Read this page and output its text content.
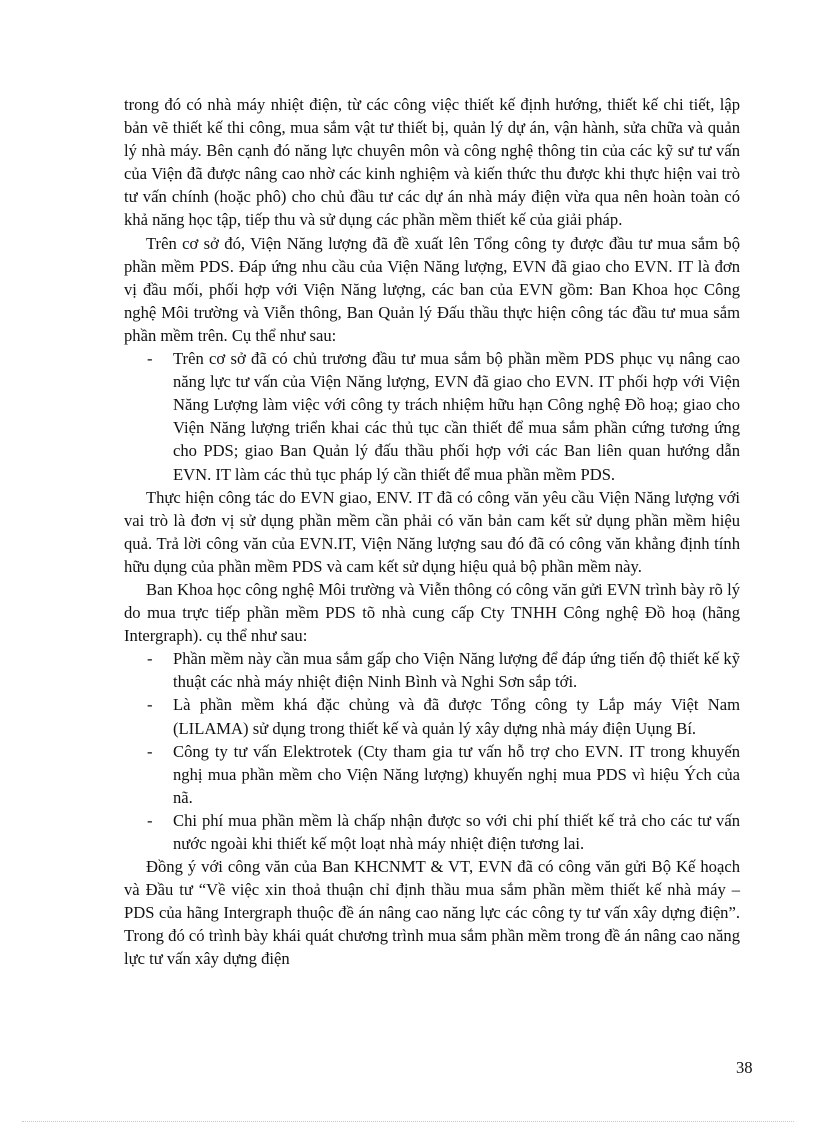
trong đó có nhà máy nhiệt điện, từ các công việc thiết kế định hướng, thiết kế chi tiết, lập bản vẽ thiết kế thi công, mua sắm vật tư thiết bị, quản lý dự án, vận hành, sửa chữa và quản lý nhà máy. Bên cạnh đó năng lực chuyên môn và công nghệ thông tin của các kỹ sư tư vấn của Viện đã được nâng cao nhờ các kinh nghiệm và kiến thức thu được khi thực hiện vai trò tư vấn chính (hoặc phô) cho chủ đầu tư các dự án nhà máy điện vừa qua nên hoàn toàn có khả năng học tập, tiếp thu và sử dụng các phần mềm thiết kế của giải pháp.

Trên cơ sở đó, Viện Năng lượng đã đề xuất lên Tổng công ty được đầu tư mua sắm bộ phần mềm PDS. Đáp ứng nhu cầu của Viện Năng lượng, EVN đã giao cho EVN. IT là đơn vị đầu mối, phối hợp với Viện Năng lượng, các ban của EVN gồm: Ban Khoa học Công nghệ Môi trường và Viễn thông, Ban Quản lý Đấu thầu thực hiện công tác đầu tư mua sắm phần mềm trên. Cụ thể như sau:

- Trên cơ sở đã có chủ trương đầu tư mua sắm bộ phần mềm PDS phục vụ nâng cao năng lực tư vấn của Viện Năng lượng, EVN đã giao cho EVN. IT phối hợp với Viện Năng Lượng làm việc với công ty trách nhiệm hữu hạn Công nghệ Đồ hoạ; giao cho Viện Năng lượng triển khai các thủ tục cần thiết để mua sắm phần cứng tương ứng cho PDS; giao Ban Quản lý đấu thầu phối hợp với các Ban liên quan hướng dẫn EVN. IT làm các thủ tục pháp lý cần thiết để mua phần mềm PDS.

Thực hiện công tác do EVN giao, ENV. IT đã có công văn yêu cầu Viện Năng lượng với vai trò là đơn vị sử dụng phần mềm cần phải có văn bản cam kết sử dụng phần mềm hiệu quả. Trả lời công văn của EVN.IT, Viện Năng lượng sau đó đã có công văn khẳng định tính hữu dụng của phần mềm PDS và cam kết sử dụng hiệu quả bộ phần mềm này.

Ban Khoa học công nghệ Môi trường và Viễn thông có công văn gửi EVN trình bày rõ lý do mua trực tiếp phần mềm PDS tõ nhà cung cấp Cty TNHH Công nghệ Đồ hoạ (hãng Intergraph). cụ thể như sau:

- Phần mềm này cần mua sắm gấp cho Viện Năng lượng để đáp ứng tiến độ thiết kế kỹ thuật các nhà máy nhiệt điện Ninh Bình và Nghi Sơn sắp tới.
- Là phần mềm khá đặc chủng và đã được Tổng công ty Lắp máy Việt Nam (LILAMA) sử dụng trong thiết kế và quản lý xây dựng nhà máy điện Uụng Bí.
- Công ty tư vấn Elektrotek (Cty tham gia tư vấn hỗ trợ cho EVN. IT trong khuyến nghị mua phần mềm cho Viện Năng lượng) khuyến nghị mua PDS vì hiệu Ých của nã.
- Chi phí mua phần mềm là chấp nhận được so với chi phí thiết kế trả cho các tư vấn nước ngoài khi thiết kế một loạt nhà máy nhiệt điện tương lai.

Đồng ý với công văn của Ban KHCNMT & VT, EVN đã có công văn gửi Bộ Kế hoạch và Đầu tư “Về việc xin thoả thuận chỉ định thầu mua sắm phần mềm thiết kế nhà máy – PDS của hãng Intergraph thuộc đề án nâng cao năng lực các công ty tư vấn xây dựng điện”. Trong đó có trình bày khái quát chương trình mua sắm phần mềm trong đề án nâng cao năng lực tư vấn xây dựng điện

38
